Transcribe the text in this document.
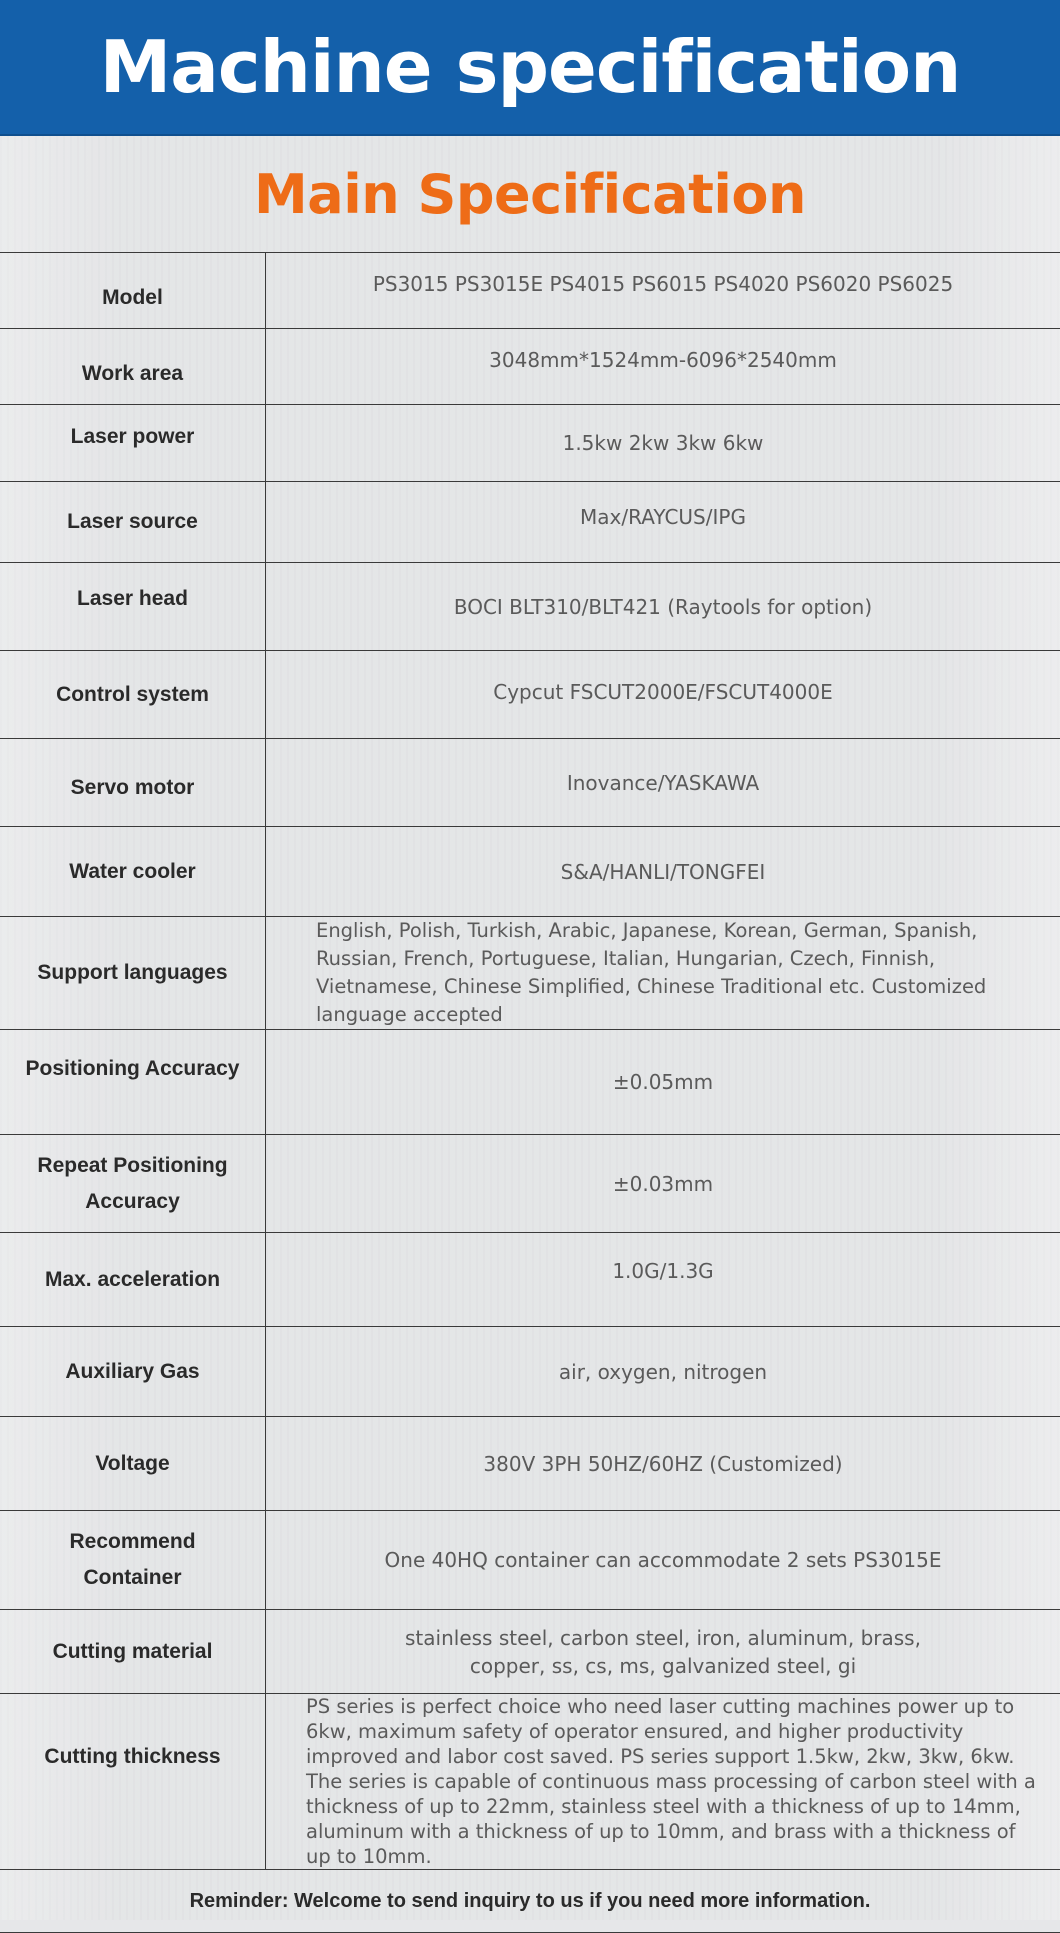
Machine specification
Main Specification
Model	PS3015 PS3015E PS4015 PS6015 PS4020 PS6020 PS6025
Work area	3048mm*1524mm-6096*2540mm
Laser power	1.5kw 2kw 3kw 6kw
Laser source	Max/RAYCUS/IPG
Laser head	BOCI BLT310/BLT421 (Raytools for option)
Control system	Cypcut FSCUT2000E/FSCUT4000E
Servo motor	Inovance/YASKAWA
Water cooler	S&A/HANLI/TONGFEI
Support languages	English, Polish, Turkish, Arabic, Japanese, Korean, German, Spanish, Russian, French, Portuguese, Italian, Hungarian, Czech, Finnish, Vietnamese, Chinese Simplified, Chinese Traditional etc. Customized language accepted
Positioning Accuracy	±0.05mm
Repeat Positioning Accuracy	±0.03mm
Max. acceleration	1.0G/1.3G
Auxiliary Gas	air, oxygen, nitrogen
Voltage	380V 3PH 50HZ/60HZ (Customized)
Recommend Container	One 40HQ container can accommodate 2 sets PS3015E
Cutting material	stainless steel, carbon steel, iron, aluminum, brass, copper, ss, cs, ms, galvanized steel, gi
Cutting thickness	PS series is perfect choice who need laser cutting machines power up to 6kw, maximum safety of operator ensured, and higher productivity improved and labor cost saved. PS series support 1.5kw, 2kw, 3kw, 6kw. The series is capable of continuous mass processing of carbon steel with a thickness of up to 22mm, stainless steel with a thickness of up to 14mm, aluminum with a thickness of up to 10mm, and brass with a thickness of up to 10mm.
Reminder: Welcome to send inquiry to us if you need more information.
